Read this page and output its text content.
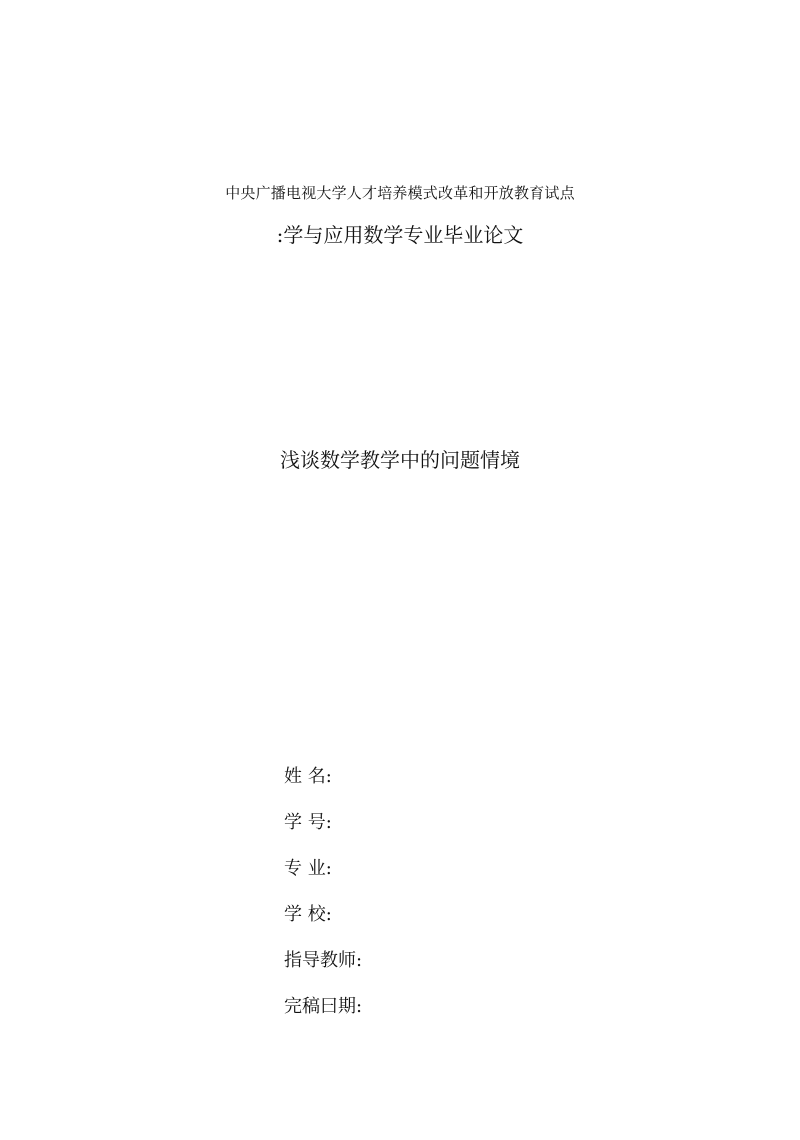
中央广播电视大学人才培养模式改革和开放教育试点
:学与应用数学专业毕业论文
浅谈数学教学中的问题情境
姓 名:
学 号:
专 业:
学 校:
指导教师:
完稿曰期:
